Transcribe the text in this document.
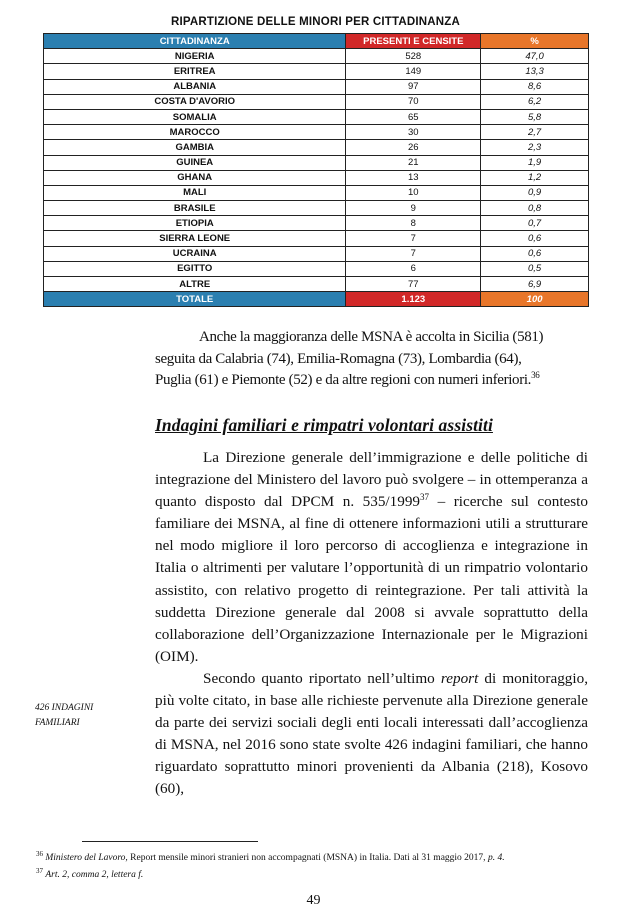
RIPARTIZIONE DELLE MINORI PER CITTADINANZA
CITTADINANZA	PRESENTI E CENSITE	%
NIGERIA	528	47,0
ERITREA	149	13,3
ALBANIA	97	8,6
COSTA D'AVORIO	70	6,2
SOMALIA	65	5,8
MAROCCO	30	2,7
GAMBIA	26	2,3
GUINEA	21	1,9
GHANA	13	1,2
MALI	10	0,9
BRASILE	9	0,8
ETIOPIA	8	0,7
SIERRA LEONE	7	0,6
UCRAINA	7	0,6
EGITTO	6	0,5
ALTRE	77	6,9
TOTALE	1.123	100
Anche la maggioranza delle MSNA è accolta in Sicilia (581)
seguita da Calabria (74), Emilia-Romagna (73), Lombardia (64),
Puglia (61) e Piemonte (52) e da altre regioni con numeri inferiori.$^{36}$
Indagini familiari e rimpatri volontari assistiti

La Direzione generale dell’immigrazione e delle politiche di integrazione del Ministero del lavoro può svolgere – in ottemperanza a quanto disposto dal DPCM n. 535/1999$^{37}$ – ricerche sul contesto familiare dei MSNA, al fine di ottenere informazioni utili a strutturare nel modo migliore il loro percorso di accoglienza e integrazione in Italia o altrimenti per valutare l’opportunità di un rimpatrio volontario assistito, con relativo progetto di reintegrazione. Per tali attività la suddetta Direzione generale dal 2008 si avvale soprattutto della collaborazione dell’Organizzazione Internazionale per le Migrazioni (OIM).

Secondo quanto riportato nell’ultimo report di monitoraggio, più volte citato, in base alle richieste pervenute alla Direzione generale da parte dei servizi sociali degli enti locali interessati dall’accoglienza di MSNA, nel 2016 sono state svolte 426 indagini familiari, che hanno riguardato soprattutto minori provenienti da Albania (218), Kosovo (60),

426 INDAGINI
FAMILIARI
$^{36}$ Ministero del Lavoro, Report mensile minori stranieri non accompagnati (MSNA) in Italia. Dati al 31 maggio 2017, p. 4.
$^{37}$ Art. 2, comma 2, lettera f.
49
